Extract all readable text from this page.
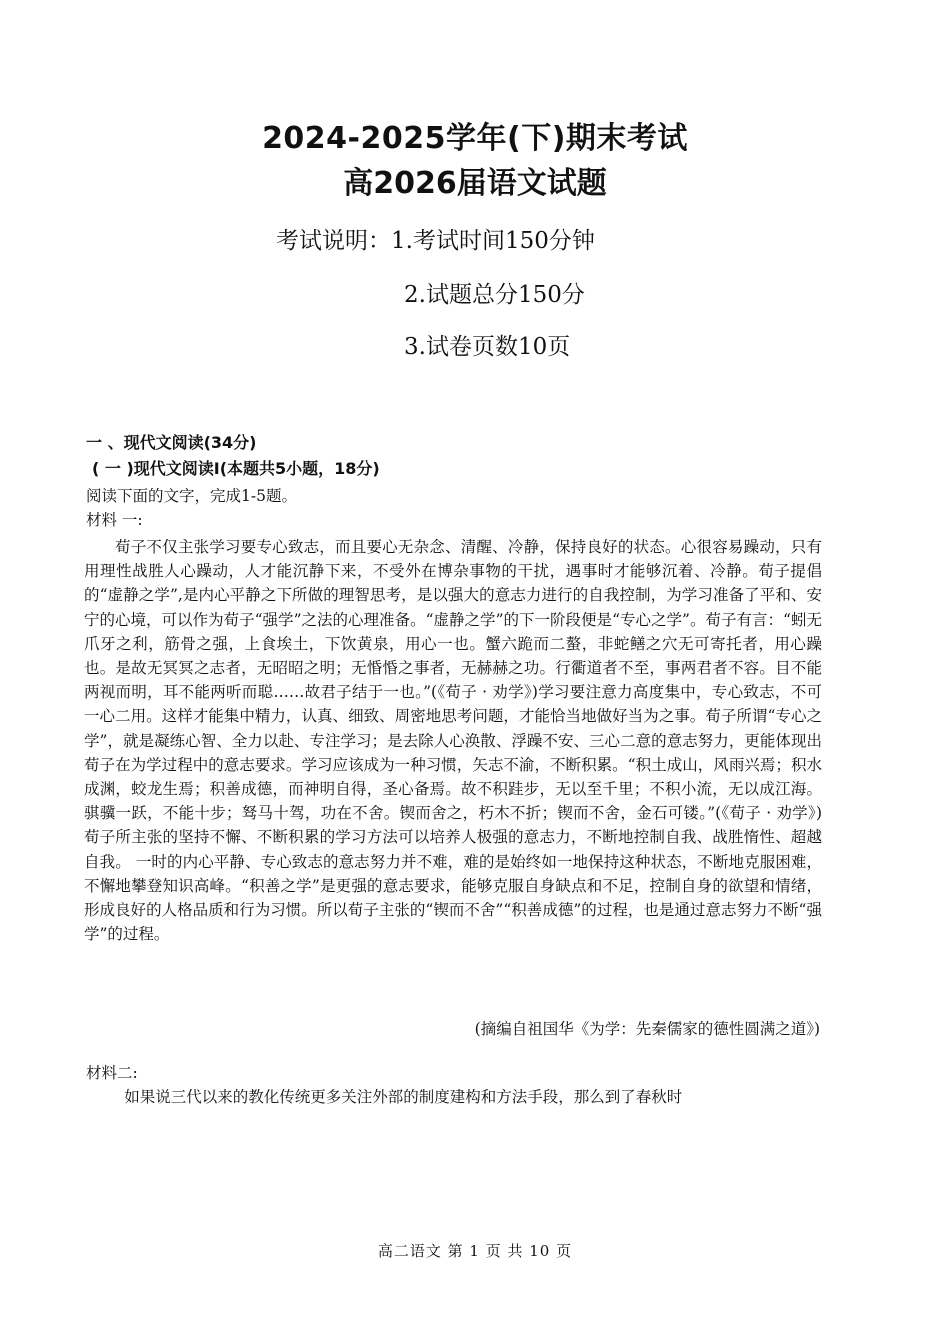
2024-2025学年(下)期末考试
高2026届语文试题
考试说明：1.考试时间150分钟
2.试题总分150分
3.试卷页数10页
一 、现代文阅读(34分)
( 一 )现代文阅读Ⅰ(本题共5小题，18分)
阅读下面的文字，完成1-5题。
材料 一:

荀子不仅主张学习要专心致志，而且要心无杂念、清醒、冷静，保持良好的状态。心很容易躁动，只有用理性战胜人心躁动，人才能沉静下来，不受外在博杂事物的干扰，遇事时才能够沉着、冷静。荀子提倡的“虚静之学”,是内心平静之下所做的理智思考，是以强大的意志力进行的自我控制，为学习准备了平和、安宁的心境，可以作为荀子“强学”之法的心理准备。“虚静之学”的下一阶段便是“专心之学”。荀子有言：“蚓无爪牙之利，筋骨之强，上食埃土，下饮黄泉，用心一也。蟹六跪而二螯，非蛇鳝之穴无可寄托者，用心躁也。是故无冥冥之志者，无昭昭之明；无惛惛之事者，无赫赫之功。行衢道者不至，事两君者不容。目不能两视而明，耳不能两听而聪……故君子结于一也。”(《荀子 · 劝学》)学习要注意力高度集中，专心致志，不可一心二用。这样才能集中精力，认真、细致、周密地思考问题，才能恰当地做好当为之事。荀子所谓“专心之学”，就是凝练心智、全力以赴、专注学习；是去除人心涣散、浮躁不安、三心二意的意志努力，更能体现出荀子在为学过程中的意志要求。学习应该成为一种习惯，矢志不渝，不断积累。“积土成山，风雨兴焉；积水成渊，蛟龙生焉；积善成德，而神明自得，圣心备焉。故不积跬步，无以至千里；不积小流，无以成江海。骐骥一跃，不能十步；驽马十驾，功在不舍。锲而舍之，朽木不折；锲而不舍，金石可镂。”(《荀子 · 劝学》)荀子所主张的坚持不懈、不断积累的学习方法可以培养人极强的意志力，不断地控制自我、战胜惰性、超越自我。 一时的内心平静、专心致志的意志努力并不难，难的是始终如一地保持这种状态，不断地克服困难，不懈地攀登知识高峰。“积善之学”是更强的意志要求，能够克服自身缺点和不足，控制自身的欲望和情绪，形成良好的人格品质和行为习惯。所以荀子主张的“锲而不舍”“积善成德”的过程，也是通过意志努力不断“强学”的过程。

(摘编自祖国华《为学：先秦儒家的德性圆满之道》)
材料二:

如果说三代以来的教化传统更多关注外部的制度建构和方法手段，那么到了春秋时

高二语文 第 1 页 共 10 页
